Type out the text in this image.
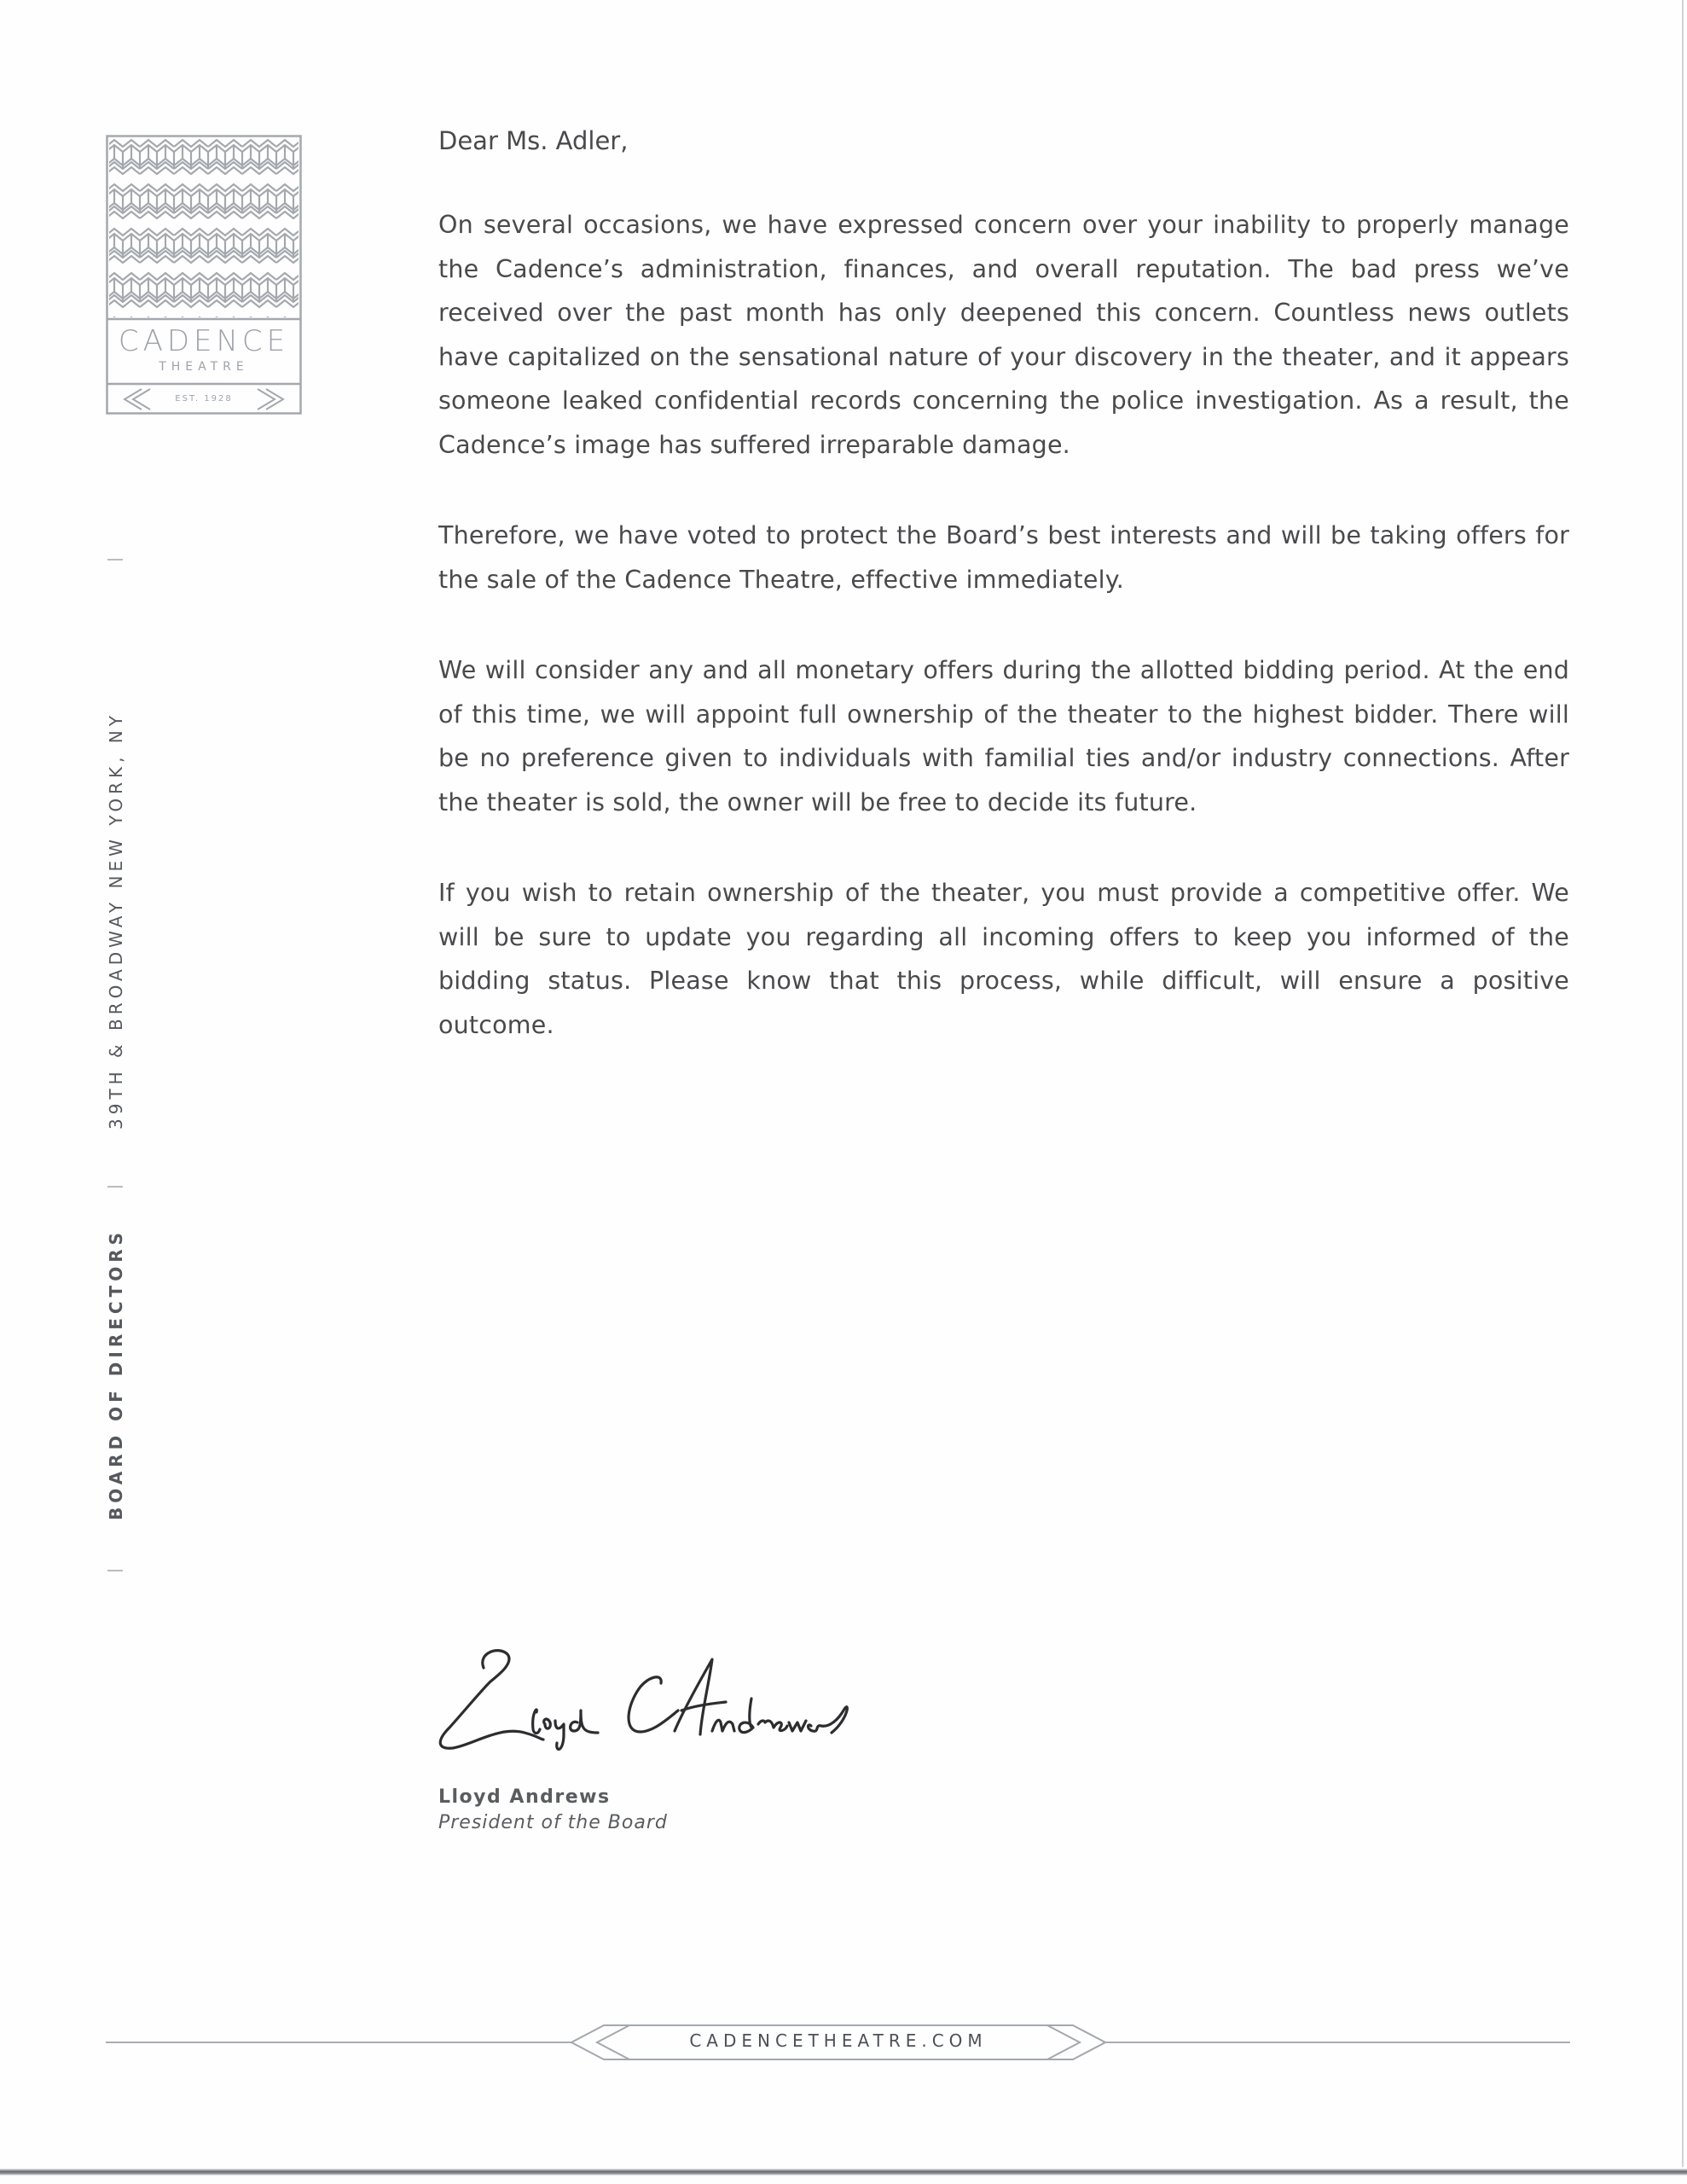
CADENCE
THEATRE
EST. 1928
39TH & BROADWAY NEW YORK, NY
BOARD OF DIRECTORS

Dear Ms. Adler,

On several occasions, we have expressed concern over your inability to properly manage the Cadence’s administration, finances, and overall reputation. The bad press we’ve received over the past month has only deepened this concern. Countless news outlets have capitalized on the sensational nature of your discovery in the theater, and it appears someone leaked confidential records concerning the police investigation. As a result, the Cadence’s image has suffered irreparable damage.

Therefore, we have voted to protect the Board’s best interests and will be taking offers for the sale of the Cadence Theatre, effective immediately.

We will consider any and all monetary offers during the allotted bidding period. At the end of this time, we will appoint full ownership of the theater to the highest bidder. There will be no preference given to individuals with familial ties and/or industry connections. After the theater is sold, the owner will be free to decide its future.

If you wish to retain ownership of the theater, you must provide a competitive offer. We will be sure to update you regarding all incoming offers to keep you informed of the bidding status. Please know that this process, while difficult, will ensure a positive outcome.

Lloyd Andrews
President of the Board
CADENCETHEATRE.COM
